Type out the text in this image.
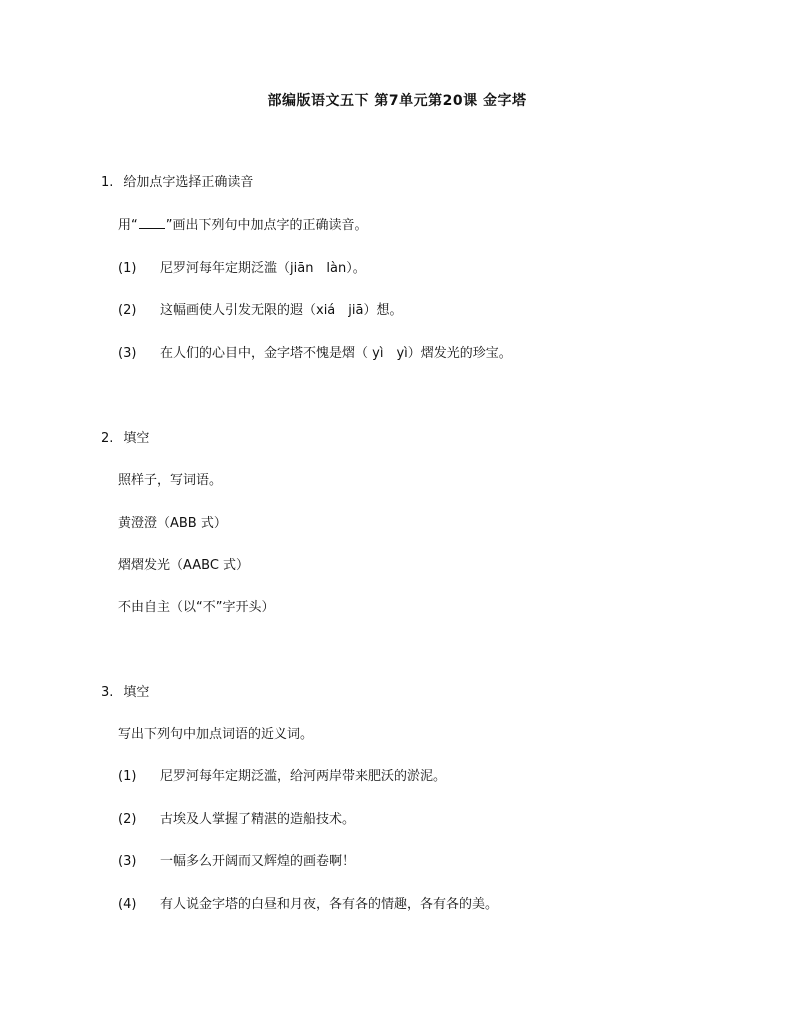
部编版语文五下 第7单元第20课 金字塔
1. 给加点字选择正确读音
用“ ”画出下列句中加点字的正确读音。
(1) 尼罗河每年定期泛滥（jiān　làn）。
(2) 这幅画使人引发无限的遐（xiá　jiā）想。
(3) 在人们的心目中，金字塔不愧是熠（ yì　yì）熠发光的珍宝。
2. 填空
照样子，写词语。
黄澄澄（ABB 式）
熠熠发光（AABC 式）
不由自主（以“不”字开头）
3. 填空
写出下列句中加点词语的近义词。
(1) 尼罗河每年定期泛滥，给河两岸带来肥沃的淤泥。
(2) 古埃及人掌握了精湛的造船技术。
(3) 一幅多么开阔而又辉煌的画卷啊！
(4) 有人说金字塔的白昼和月夜，各有各的情趣，各有各的美。
